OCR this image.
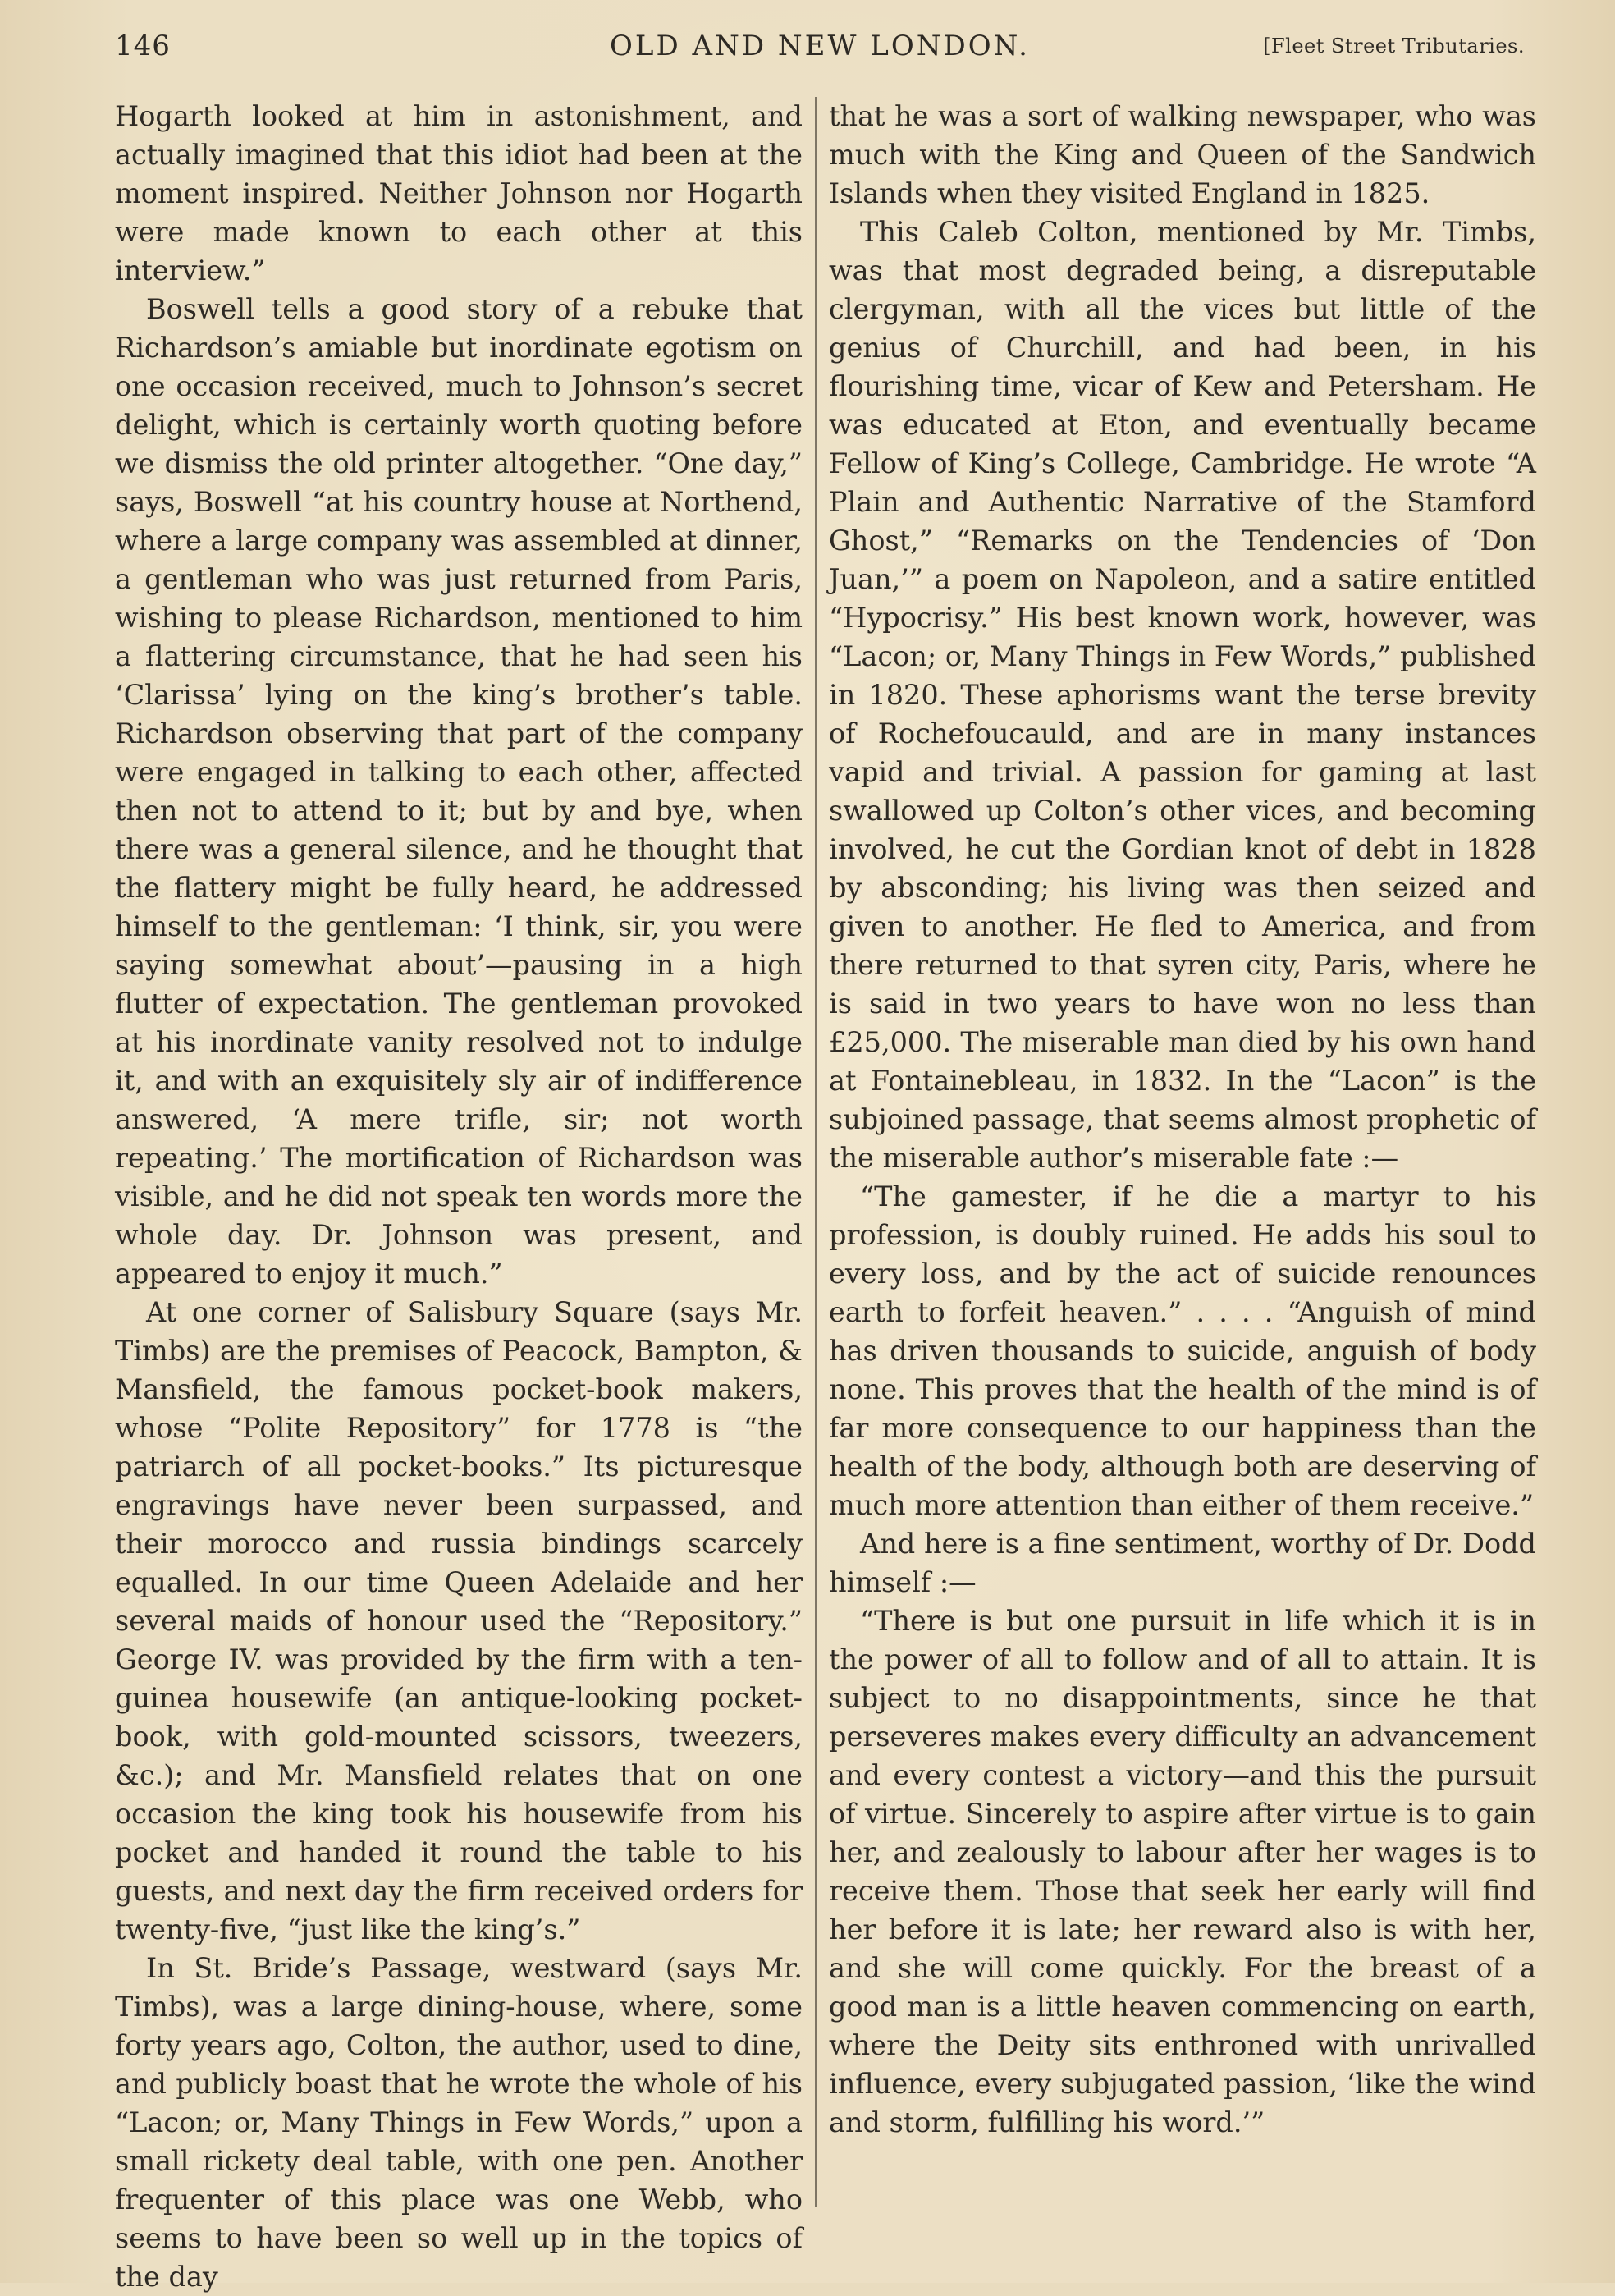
146	OLD AND NEW LONDON.	[Fleet Street Tributaries.

Hogarth looked at him in astonishment, and actually imagined that this idiot had been at the moment inspired. Neither Johnson nor Hogarth were made known to each other at this interview.”

Boswell tells a good story of a rebuke that Richardson’s amiable but inordinate egotism on one occasion received, much to Johnson’s secret delight, which is certainly worth quoting before we dismiss the old printer altogether. “One day,” says, Boswell “at his country house at Northend, where a large company was assembled at dinner, a gentleman who was just returned from Paris, wishing to please Richardson, mentioned to him a flattering circumstance, that he had seen his ‘Clarissa’ lying on the king’s brother’s table. Richardson observing that part of the company were engaged in talking to each other, affected then not to attend to it; but by and bye, when there was a general silence, and he thought that the flattery might be fully heard, he addressed himself to the gentleman: ‘I think, sir, you were saying somewhat about’—pausing in a high flutter of expectation. The gentleman provoked at his inordinate vanity resolved not to indulge it, and with an exquisitely sly air of indifference answered, ‘A mere trifle, sir; not worth repeating.’ The mortification of Richardson was visible, and he did not speak ten words more the whole day. Dr. Johnson was present, and appeared to enjoy it much.”

At one corner of Salisbury Square (says Mr. Timbs) are the premises of Peacock, Bampton, & Mansfield, the famous pocket-book makers, whose “Polite Repository” for 1778 is “the patriarch of all pocket-books.” Its picturesque engravings have never been surpassed, and their morocco and russia bindings scarcely equalled. In our time Queen Adelaide and her several maids of honour used the “Repository.” George IV. was provided by the firm with a ten-guinea housewife (an antique-looking pocket-book, with gold-mounted scissors, tweezers, &c.); and Mr. Mansfield relates that on one occasion the king took his housewife from his pocket and handed it round the table to his guests, and next day the firm received orders for twenty-five, “just like the king’s.”

In St. Bride’s Passage, westward (says Mr. Timbs), was a large dining-house, where, some forty years ago, Colton, the author, used to dine, and publicly boast that he wrote the whole of his “Lacon; or, Many Things in Few Words,” upon a small rickety deal table, with one pen. Another frequenter of this place was one Webb, who seems to have been so well up in the topics of the day

that he was a sort of walking newspaper, who was much with the King and Queen of the Sandwich Islands when they visited England in 1825.

This Caleb Colton, mentioned by Mr. Timbs, was that most degraded being, a disreputable clergyman, with all the vices but little of the genius of Churchill, and had been, in his flourishing time, vicar of Kew and Petersham. He was educated at Eton, and eventually became Fellow of King’s College, Cambridge. He wrote “A Plain and Authentic Narrative of the Stamford Ghost,” “Remarks on the Tendencies of ‘Don Juan,’” a poem on Napoleon, and a satire entitled “Hypocrisy.” His best known work, however, was “Lacon; or, Many Things in Few Words,” published in 1820. These aphorisms want the terse brevity of Rochefoucauld, and are in many instances vapid and trivial. A passion for gaming at last swallowed up Colton’s other vices, and becoming involved, he cut the Gordian knot of debt in 1828 by absconding; his living was then seized and given to another. He fled to America, and from there returned to that syren city, Paris, where he is said in two years to have won no less than £25,000. The miserable man died by his own hand at Fontainebleau, in 1832. In the “Lacon” is the subjoined passage, that seems almost prophetic of the miserable author’s miserable fate :—

“The gamester, if he die a martyr to his profession, is doubly ruined. He adds his soul to every loss, and by the act of suicide renounces earth to forfeit heaven.” . . . . “Anguish of mind has driven thousands to suicide, anguish of body none. This proves that the health of the mind is of far more consequence to our happiness than the health of the body, although both are deserving of much more attention than either of them receive.”

And here is a fine sentiment, worthy of Dr. Dodd himself :—

“There is but one pursuit in life which it is in the power of all to follow and of all to attain. It is subject to no disappointments, since he that perseveres makes every difficulty an advancement and every contest a victory—and this the pursuit of virtue. Sincerely to aspire after virtue is to gain her, and zealously to labour after her wages is to receive them. Those that seek her early will find her before it is late; her reward also is with her, and she will come quickly. For the breast of a good man is a little heaven commencing on earth, where the Deity sits enthroned with unrivalled influence, every subjugated passion, ‘like the wind and storm, fulfilling his word.’”
